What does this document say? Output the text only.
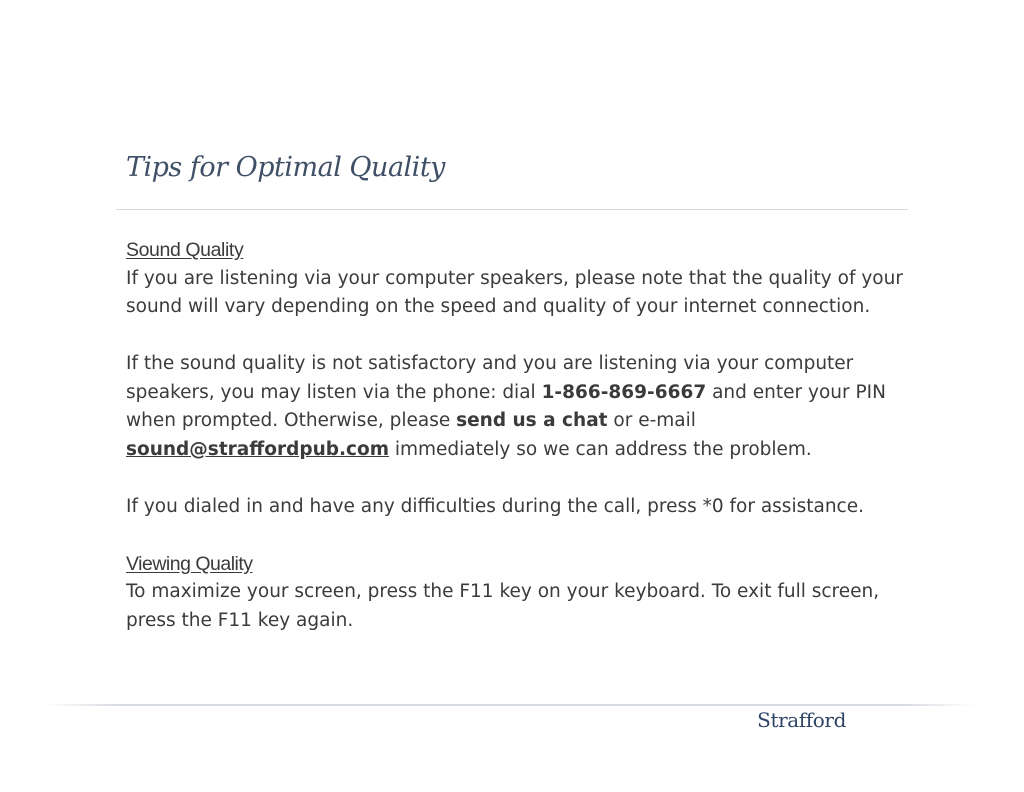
Tips for Optimal Quality

Sound Quality
If you are listening via your computer speakers, please note that the quality of your sound will vary depending on the speed and quality of your internet connection.

If the sound quality is not satisfactory and you are listening via your computer speakers, you may listen via the phone: dial 1-866-869-6667 and enter your PIN when prompted. Otherwise, please send us a chat or e-mail sound@straffordpub.com immediately so we can address the problem.

If you dialed in and have any difficulties during the call, press *0 for assistance.

Viewing Quality
To maximize your screen, press the F11 key on your keyboard. To exit full screen, press the F11 key again.

Strafford
